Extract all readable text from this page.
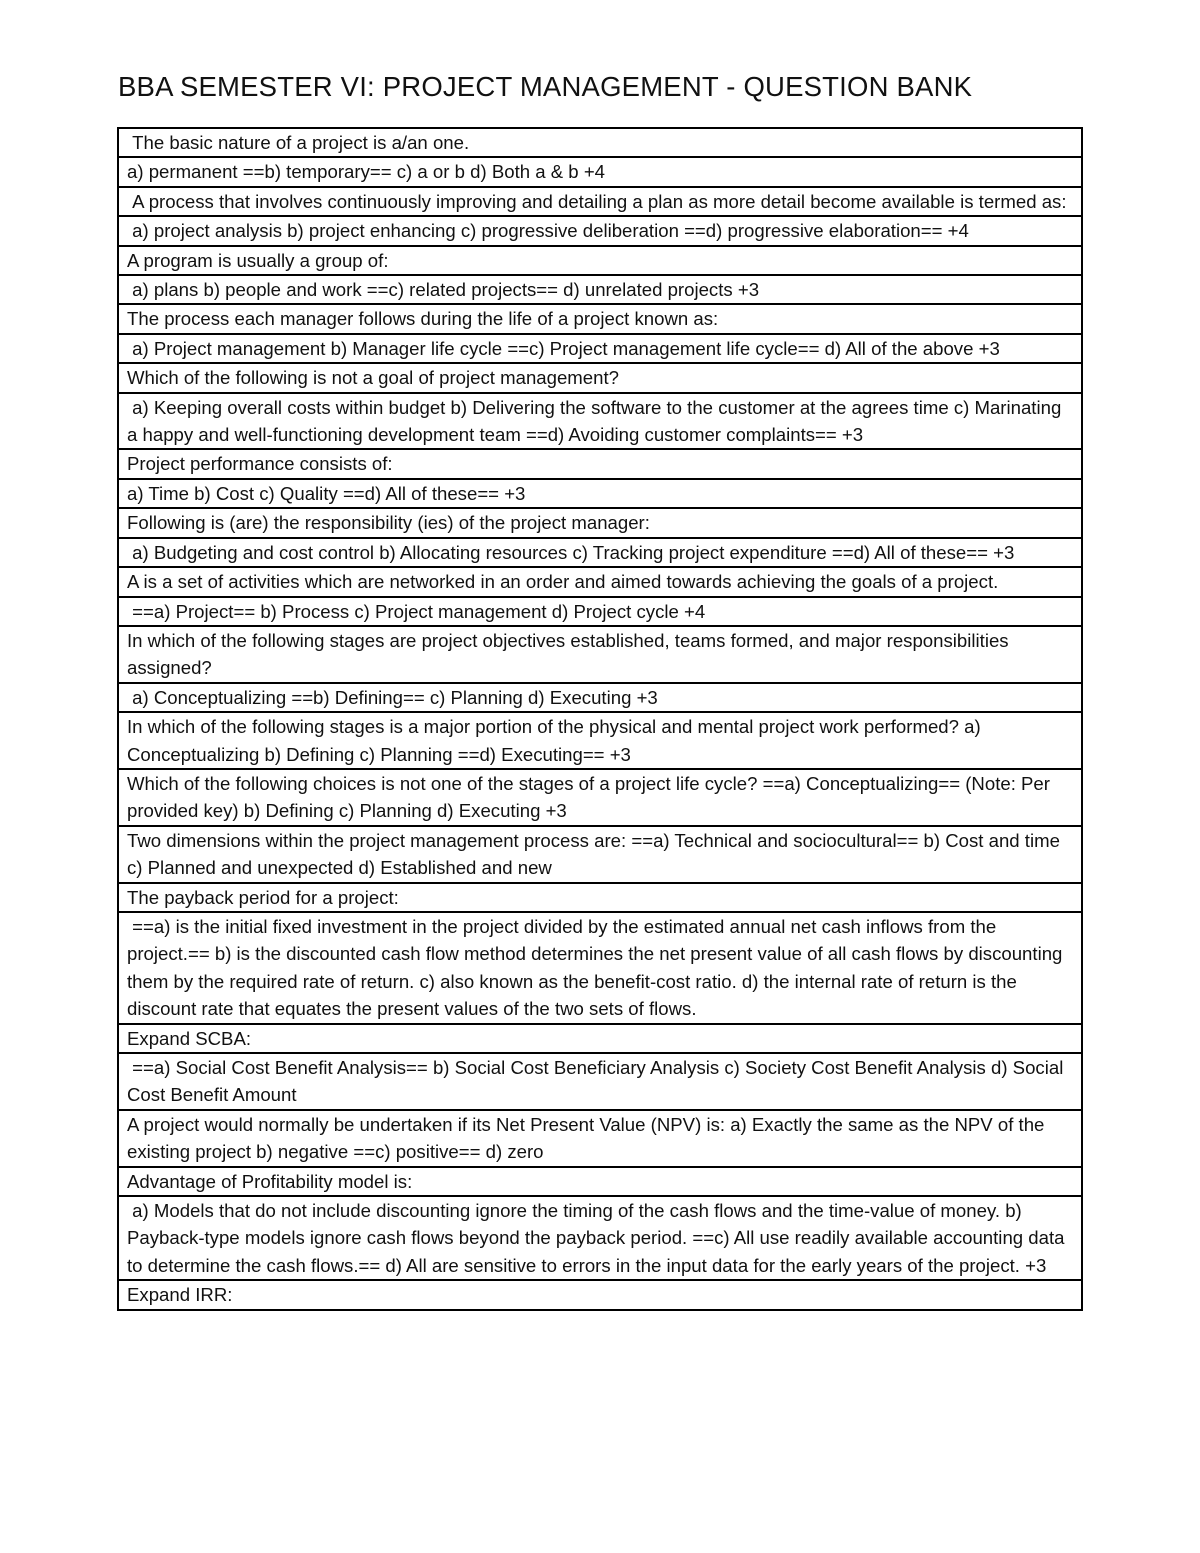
BBA SEMESTER VI: PROJECT MANAGEMENT - QUESTION BANK
The basic nature of a project is a/an one.
a) permanent ==b) temporary== c) a or b d) Both a & b +4
A process that involves continuously improving and detailing a plan as more detail become available is termed as:
a) project analysis b) project enhancing c) progressive deliberation ==d) progressive elaboration== +4
A program is usually a group of:
a) plans b) people and work ==c) related projects== d) unrelated projects +3
The process each manager follows during the life of a project known as:
a) Project management b) Manager life cycle ==c) Project management life cycle== d) All of the above +3
Which of the following is not a goal of project management?
a) Keeping overall costs within budget b) Delivering the software to the customer at the agrees time c) Marinating a happy and well-functioning development team ==d) Avoiding customer complaints== +3
Project performance consists of:
a) Time b) Cost c) Quality ==d) All of these== +3
Following is (are) the responsibility (ies) of the project manager:
a) Budgeting and cost control b) Allocating resources c) Tracking project expenditure ==d) All of these== +3
A is a set of activities which are networked in an order and aimed towards achieving the goals of a project.
==a) Project== b) Process c) Project management d) Project cycle +4
In which of the following stages are project objectives established, teams formed, and major responsibilities assigned?
a) Conceptualizing ==b) Defining== c) Planning d) Executing +3
In which of the following stages is a major portion of the physical and mental project work performed? a) Conceptualizing b) Defining c) Planning ==d) Executing== +3
Which of the following choices is not one of the stages of a project life cycle? ==a) Conceptualizing== (Note: Per provided key) b) Defining c) Planning d) Executing +3
Two dimensions within the project management process are: ==a) Technical and sociocultural== b) Cost and time c) Planned and unexpected d) Established and new
The payback period for a project:
==a) is the initial fixed investment in the project divided by the estimated annual net cash inflows from the project.== b) is the discounted cash flow method determines the net present value of all cash flows by discounting them by the required rate of return. c) also known as the benefit-cost ratio. d) the internal rate of return is the discount rate that equates the present values of the two sets of flows.
Expand SCBA:
==a) Social Cost Benefit Analysis== b) Social Cost Beneficiary Analysis c) Society Cost Benefit Analysis d) Social Cost Benefit Amount
A project would normally be undertaken if its Net Present Value (NPV) is: a) Exactly the same as the NPV of the existing project b) negative ==c) positive== d) zero
Advantage of Profitability model is:
a) Models that do not include discounting ignore the timing of the cash flows and the time-value of money. b) Payback-type models ignore cash flows beyond the payback period. ==c) All use readily available accounting data to determine the cash flows.== d) All are sensitive to errors in the input data for the early years of the project. +3
Expand IRR:
